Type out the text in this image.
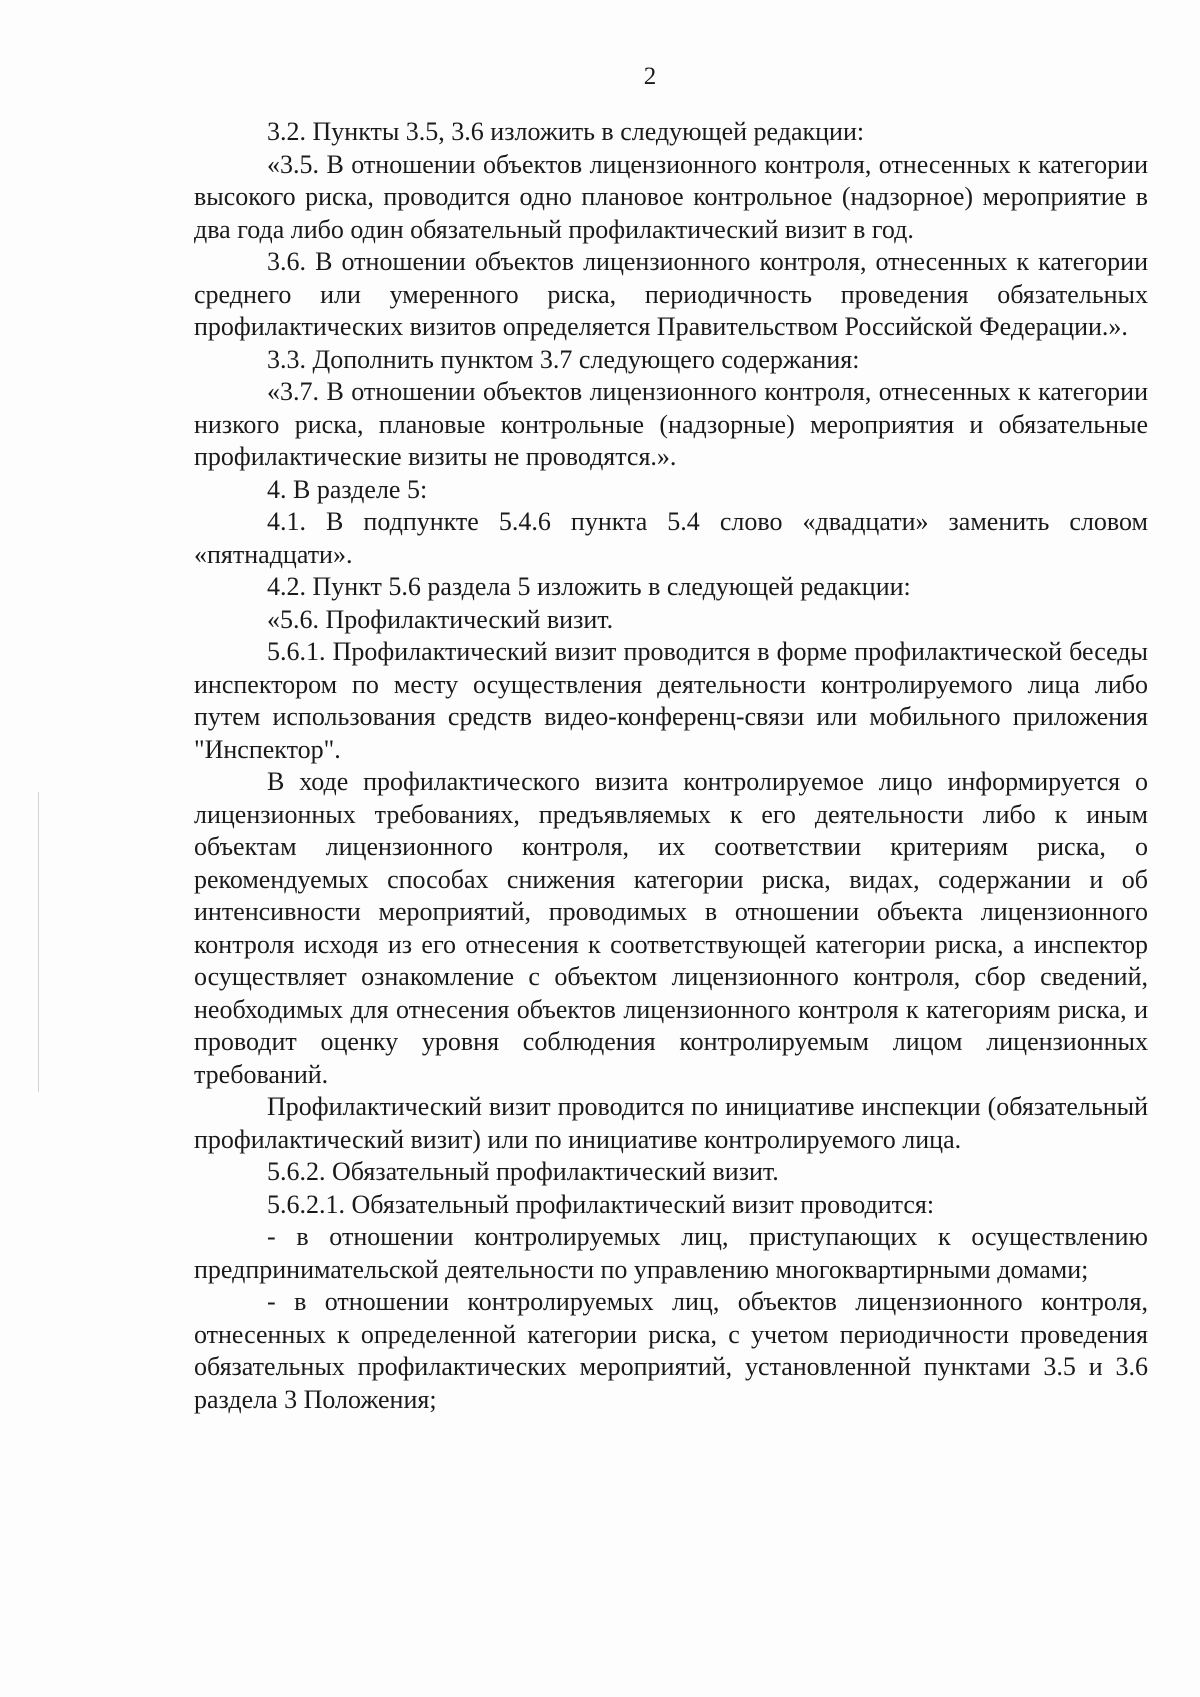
2

3.2. Пункты 3.5, 3.6 изложить в следующей редакции:

«3.5. В отношении объектов лицензионного контроля, отнесенных к категории высокого риска, проводится одно плановое контрольное (надзорное) мероприятие в два года либо один обязательный профилактический визит в год.

3.6. В отношении объектов лицензионного контроля, отнесенных к категории среднего или умеренного риска, периодичность проведения обязательных профилактических визитов определяется Правительством Российской Федерации.».

3.3. Дополнить пунктом 3.7 следующего содержания:

«3.7. В отношении объектов лицензионного контроля, отнесенных к категории низкого риска, плановые контрольные (надзорные) мероприятия и обязательные профилактические визиты не проводятся.».

4. В разделе 5:

4.1. В подпункте 5.4.6 пункта 5.4 слово «двадцати» заменить словом «пятнадцати».

4.2. Пункт 5.6 раздела 5 изложить в следующей редакции:

«5.6. Профилактический визит.

5.6.1. Профилактический визит проводится в форме профилактической беседы инспектором по месту осуществления деятельности контролируемого лица либо путем использования средств видео-конференц-связи или мобильного приложения "Инспектор".

В ходе профилактического визита контролируемое лицо информируется о лицензионных требованиях, предъявляемых к его деятельности либо к иным объектам лицензионного контроля, их соответствии критериям риска, о рекомендуемых способах снижения категории риска, видах, содержании и об интенсивности мероприятий, проводимых в отношении объекта лицензионного контроля исходя из его отнесения к соответствующей категории риска, а инспектор осуществляет ознакомление с объектом лицензионного контроля, сбор сведений, необходимых для отнесения объектов лицензионного контроля к категориям риска, и проводит оценку уровня соблюдения контролируемым лицом лицензионных требований.

Профилактический визит проводится по инициативе инспекции (обязательный профилактический визит) или по инициативе контролируемого лица.

5.6.2. Обязательный профилактический визит.

5.6.2.1. Обязательный профилактический визит проводится:

- в отношении контролируемых лиц, приступающих к осуществлению предпринимательской деятельности по управлению многоквартирными домами;

- в отношении контролируемых лиц, объектов лицензионного контроля, отнесенных к определенной категории риска, с учетом периодичности проведения обязательных профилактических мероприятий, установленной пунктами 3.5 и 3.6 раздела 3 Положения;
